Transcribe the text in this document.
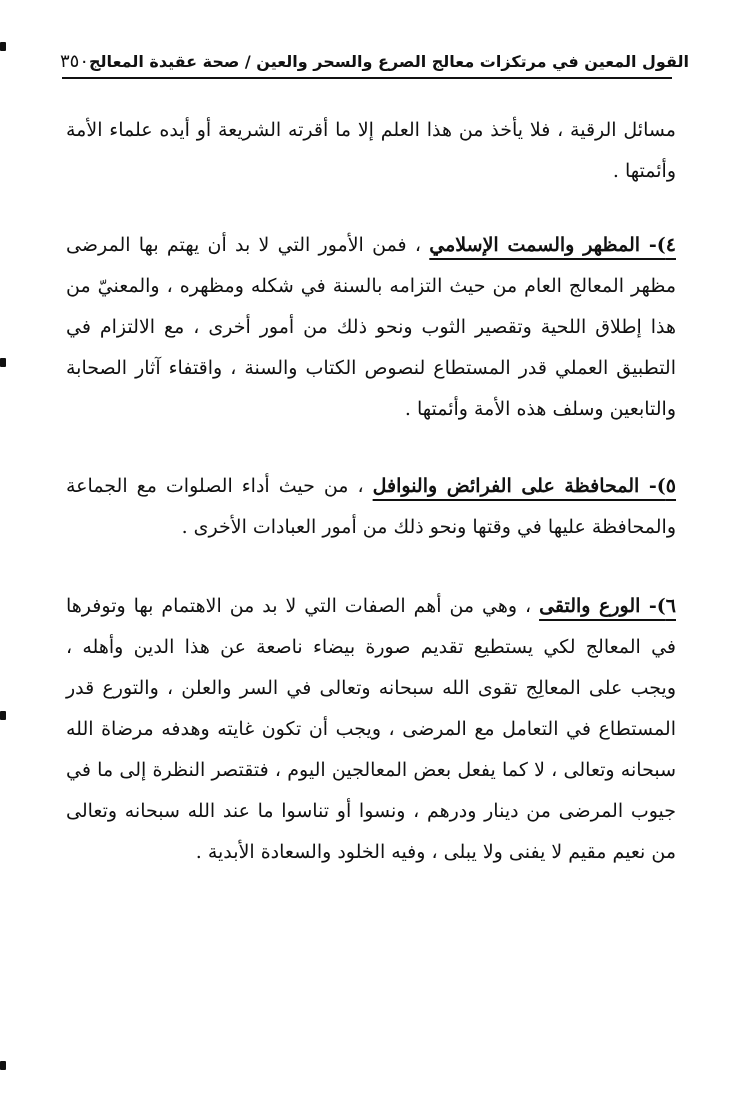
٣٥٠ القول المعين في مرتكزات معالج الصرع والسحر والعين / صحة عقيدة المعالج

مسائل الرقية ، فلا يأخذ من هذا العلم إلا ما أقرته الشريعة أو أيده علماء الأمة وأئمتها .

٤)- المظهر والسمت الإسلامي ، فمن الأمور التي لا بد أن يهتم بها المرضى مظهر المعالج العام من حيث التزامه بالسنة في شكله ومظهره ، والمعنيّ من هذا إطلاق اللحية وتقصير الثوب ونحو ذلك من أمور أخرى ، مع الالتزام في التطبيق العملي قدر المستطاع لنصوص الكتاب والسنة ، واقتفاء آثار الصحابة والتابعين وسلف هذه الأمة وأئمتها .

٥)- المحافظة على الفرائض والنوافل ، من حيث أداء الصلوات مع الجماعة والمحافظة عليها في وقتها ونحو ذلك من أمور العبادات الأخرى .

٦)- الورع والتقى ، وهي من أهم الصفات التي لا بد من الاهتمام بها وتوفرها في المعالج لكي يستطيع تقديم صورة بيضاء ناصعة عن هذا الدين وأهله ، ويجب على المعالِج تقوى الله سبحانه وتعالى في السر والعلن ، والتورع قدر المستطاع في التعامل مع المرضى ، ويجب أن تكون غايته وهدفه مرضاة الله سبحانه وتعالى ، لا كما يفعل بعض المعالجين اليوم ، فتقتصر النظرة إلى ما في جيوب المرضى من دينار ودرهم ، ونسوا أو تناسوا ما عند الله سبحانه وتعالى من نعيم مقيم لا يفنى ولا يبلى ، وفيه الخلود والسعادة الأبدية .
